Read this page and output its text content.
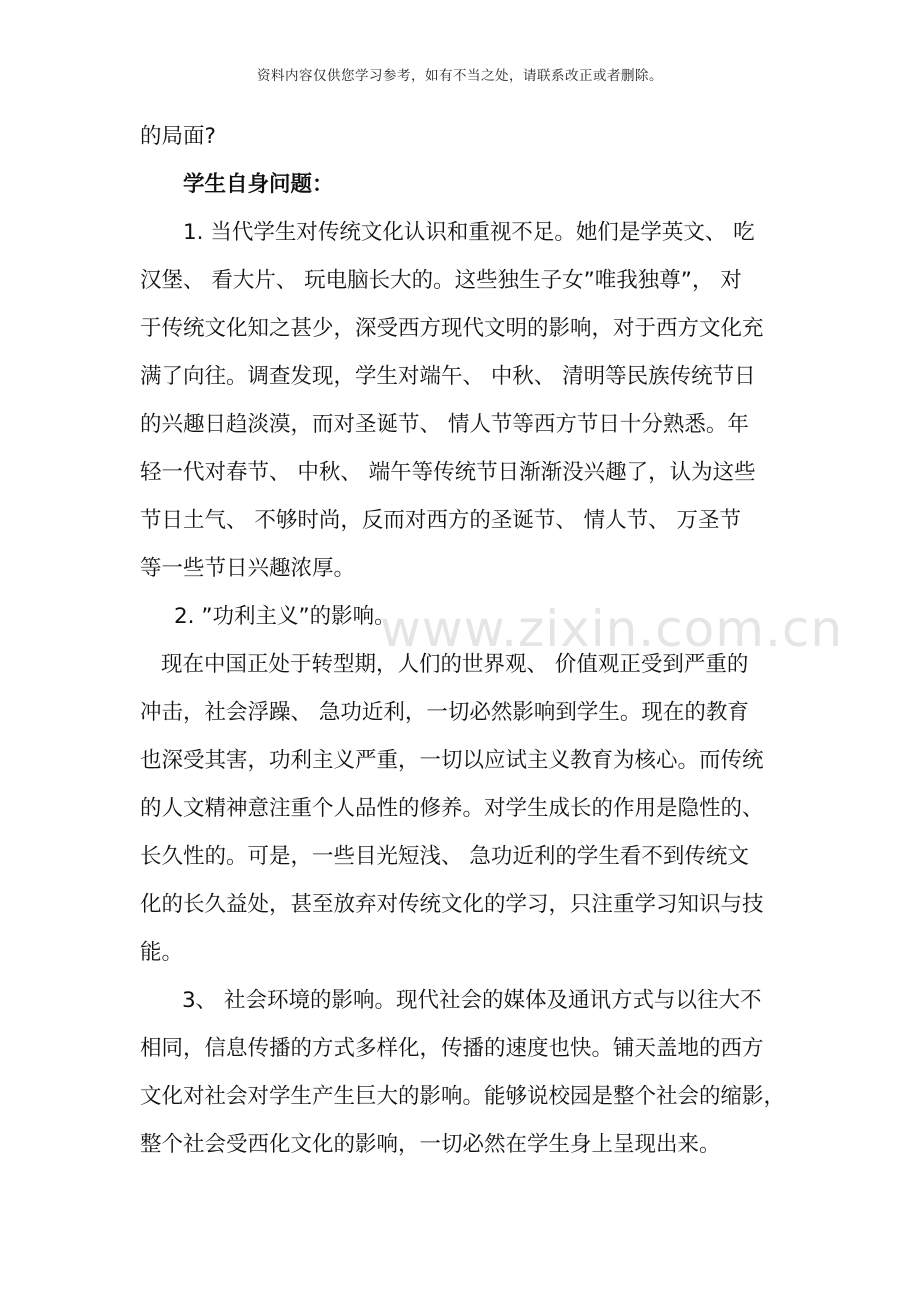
资料内容仅供您学习参考，如有不当之处，请联系改正或者删除。
www.zixin.com.cn
的局面?
学生自身问题：
1. 当代学生对传统文化认识和重视不足。她们是学英文、 吃
汉堡、 看大片、 玩电脑长大的。这些独生子女”唯我独尊”， 对
于传统文化知之甚少，深受西方现代文明的影响，对于西方文化充
满了向往。调查发现，学生对端午、 中秋、 清明等民族传统节日
的兴趣日趋淡漠，而对圣诞节、 情人节等西方节日十分熟悉。年
轻一代对春节、 中秋、 端午等传统节日渐渐没兴趣了，认为这些
节日土气、 不够时尚，反而对西方的圣诞节、 情人节、 万圣节
等一些节日兴趣浓厚。
2. ”功利主义”的影响。
现在中国正处于转型期，人们的世界观、 价值观正受到严重的
冲击，社会浮躁、 急功近利，一切必然影响到学生。现在的教育
也深受其害，功利主义严重，一切以应试主义教育为核心。而传统
的人文精神意注重个人品性的修养。对学生成长的作用是隐性的、
长久性的。可是，一些目光短浅、 急功近利的学生看不到传统文
化的长久益处，甚至放弃对传统文化的学习，只注重学习知识与技
能。
3、 社会环境的影响。现代社会的媒体及通讯方式与以往大不
相同，信息传播的方式多样化，传播的速度也快。铺天盖地的西方
文化对社会对学生产生巨大的影响。能够说校园是整个社会的缩影，
整个社会受西化文化的影响，一切必然在学生身上呈现出来。
